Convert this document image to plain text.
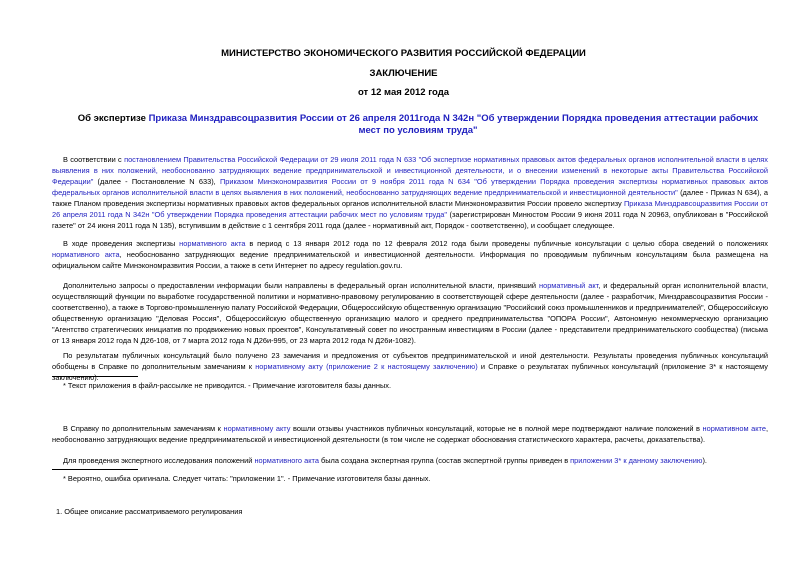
МИНИСТЕРСТВО ЭКОНОМИЧЕСКОГО РАЗВИТИЯ РОССИЙСКОЙ ФЕДЕРАЦИИ
ЗАКЛЮЧЕНИЕ
от 12 мая 2012 года
Об экспертизе Приказа Минздравсоцразвития России от 26 апреля 2011года N 342н "Об утверждении Порядка проведения аттестации рабочих мест по условиям труда"

В соответствии с постановлением Правительства Российской Федерации от 29 июля 2011 года N 633 "Об экспертизе нормативных правовых актов федеральных органов исполнительной власти в целях выявления в них положений, необоснованно затрудняющих ведение предпринимательской и инвестиционной деятельности, и о внесении изменений в некоторые акты Правительства Российской Федерации" (далее - Постановление N 633), Приказом Минэкономразвития России от 9 ноября 2011 года N 634 "Об утверждении Порядка проведения экспертизы нормативных правовых актов федеральных органов исполнительной власти в целях выявления в них положений, необоснованно затрудняющих ведение предпринимательской и инвестиционной деятельности" (далее - Приказ N 634), а также Планом проведения экспертизы нормативных правовых актов федеральных органов исполнительной власти Минэкономразвития России провело экспертизу Приказа Минздравсоцразвития России от 26 апреля 2011 года N 342н "Об утверждении Порядка проведения аттестации рабочих мест по условиям труда" (зарегистрирован Минюстом России 9 июня 2011 года N 20963, опубликован в "Российской газете" от 24 июня 2011 года N 135), вступившим в действие с 1 сентября 2011 года (далее - нормативный акт, Порядок - соответственно), и сообщает следующее.

В ходе проведения экспертизы нормативного акта в период с 13 января 2012 года по 12 февраля 2012 года были проведены публичные консультации с целью сбора сведений о положениях нормативного акта, необоснованно затрудняющих ведение предпринимательской и инвестиционной деятельности. Информация по проводимым публичным консультациям была размещена на официальном сайте Минэкономразвития России, а также в сети Интернет по адресу regulation.gov.ru.

Дополнительно запросы о предоставлении информации были направлены в федеральный орган исполнительной власти, принявший нормативный акт, и федеральный орган исполнительной власти, осуществляющий функции по выработке государственной политики и нормативно-правовому регулированию в соответствующей сфере деятельности (далее - разработчик, Минздравсоцразвития России - соответственно), а также в Торгово-промышленную палату Российской Федерации, Общероссийскую общественную организацию "Российский союз промышленников и предпринимателей", Общероссийскую общественную организацию "Деловая Россия", Общероссийскую общественную организацию малого и среднего предпринимательства "ОПОРА России", Автономную некоммерческую организацию "Агентство стратегических инициатив по продвижению новых проектов", Консультативный совет по иностранным инвестициям в России (далее - представители предпринимательского сообщества) (письма от 13 января 2012 года N Д26-108, от 7 марта 2012 года N Д26и-995, от 23 марта 2012 года N Д26и-1082).

По результатам публичных консультаций было получено 23 замечания и предложения от субъектов предпринимательской и иной деятельности. Результаты проведения публичных консультаций обобщены в Справке по дополнительным замечаниям к нормативному акту (приложение 2 к настоящему заключению) и Справке о результатах публичных консультаций (приложение 3* к настоящему заключению).

* Текст приложения в файл-рассылке не приводится. - Примечание изготовителя базы данных.

В Справку по дополнительным замечаниям к нормативному акту вошли отзывы участников публичных консультаций, которые не в полной мере подтверждают наличие положений в нормативном акте, необоснованно затрудняющих ведение предпринимательской и инвестиционной деятельности (в том числе не содержат обоснования статистического характера, расчеты, доказательства).

Для проведения экспертного исследования положений нормативного акта была создана экспертная группа (состав экспертной группы приведен в приложении 3* к данному заключению).

* Вероятно, ошибка оригинала. Следует читать: "приложении 1". - Примечание изготовителя базы данных.

1. Общее описание рассматриваемого регулирования
